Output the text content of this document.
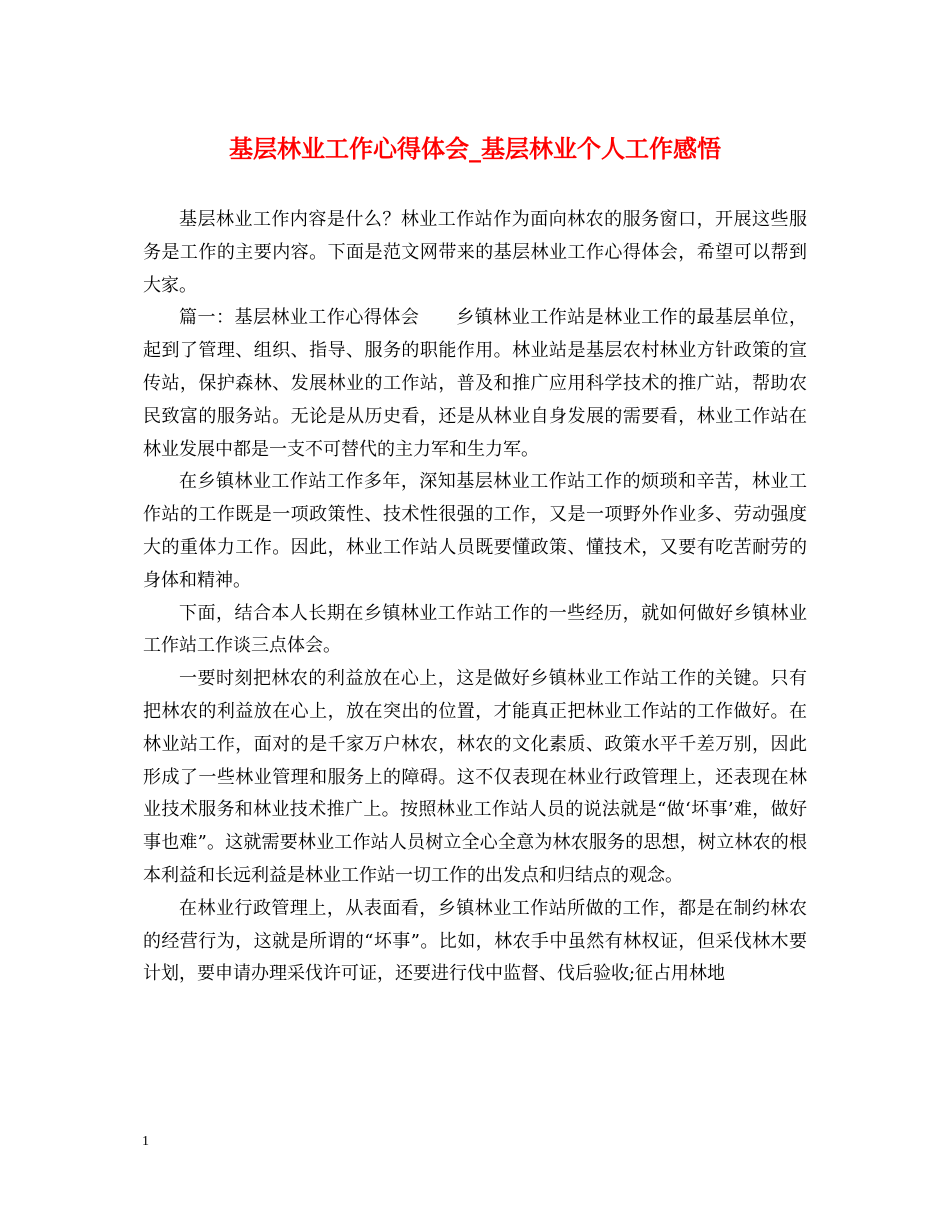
基层林业工作心得体会_基层林业个人工作感悟

基层林业工作内容是什么？林业工作站作为面向林农的服务窗口，开展这些服务是工作的主要内容。下面是范文网带来的基层林业工作心得体会，希望可以帮到大家。

篇一：基层林业工作心得体会　　乡镇林业工作站是林业工作的最基层单位，起到了管理、组织、指导、服务的职能作用。林业站是基层农村林业方针政策的宣传站，保护森林、发展林业的工作站，普及和推广应用科学技术的推广站，帮助农民致富的服务站。无论是从历史看，还是从林业自身发展的需要看，林业工作站在林业发展中都是一支不可替代的主力军和生力军。

在乡镇林业工作站工作多年，深知基层林业工作站工作的烦琐和辛苦，林业工作站的工作既是一项政策性、技术性很强的工作，又是一项野外作业多、劳动强度大的重体力工作。因此，林业工作站人员既要懂政策、懂技术，又要有吃苦耐劳的身体和精神。

下面，结合本人长期在乡镇林业工作站工作的一些经历，就如何做好乡镇林业工作站工作谈三点体会。

一要时刻把林农的利益放在心上，这是做好乡镇林业工作站工作的关键。只有把林农的利益放在心上，放在突出的位置，才能真正把林业工作站的工作做好。在林业站工作，面对的是千家万户林农，林农的文化素质、政策水平千差万别，因此形成了一些林业管理和服务上的障碍。这不仅表现在林业行政管理上，还表现在林业技术服务和林业技术推广上。按照林业工作站人员的说法就是“做‘坏事’难，做好事也难”。这就需要林业工作站人员树立全心全意为林农服务的思想，树立林农的根本利益和长远利益是林业工作站一切工作的出发点和归结点的观念。

在林业行政管理上，从表面看，乡镇林业工作站所做的工作，都是在制约林农的经营行为，这就是所谓的“坏事”。比如，林农手中虽然有林权证，但采伐林木要计划，要申请办理采伐许可证，还要进行伐中监督、伐后验收;征占用林地

1
